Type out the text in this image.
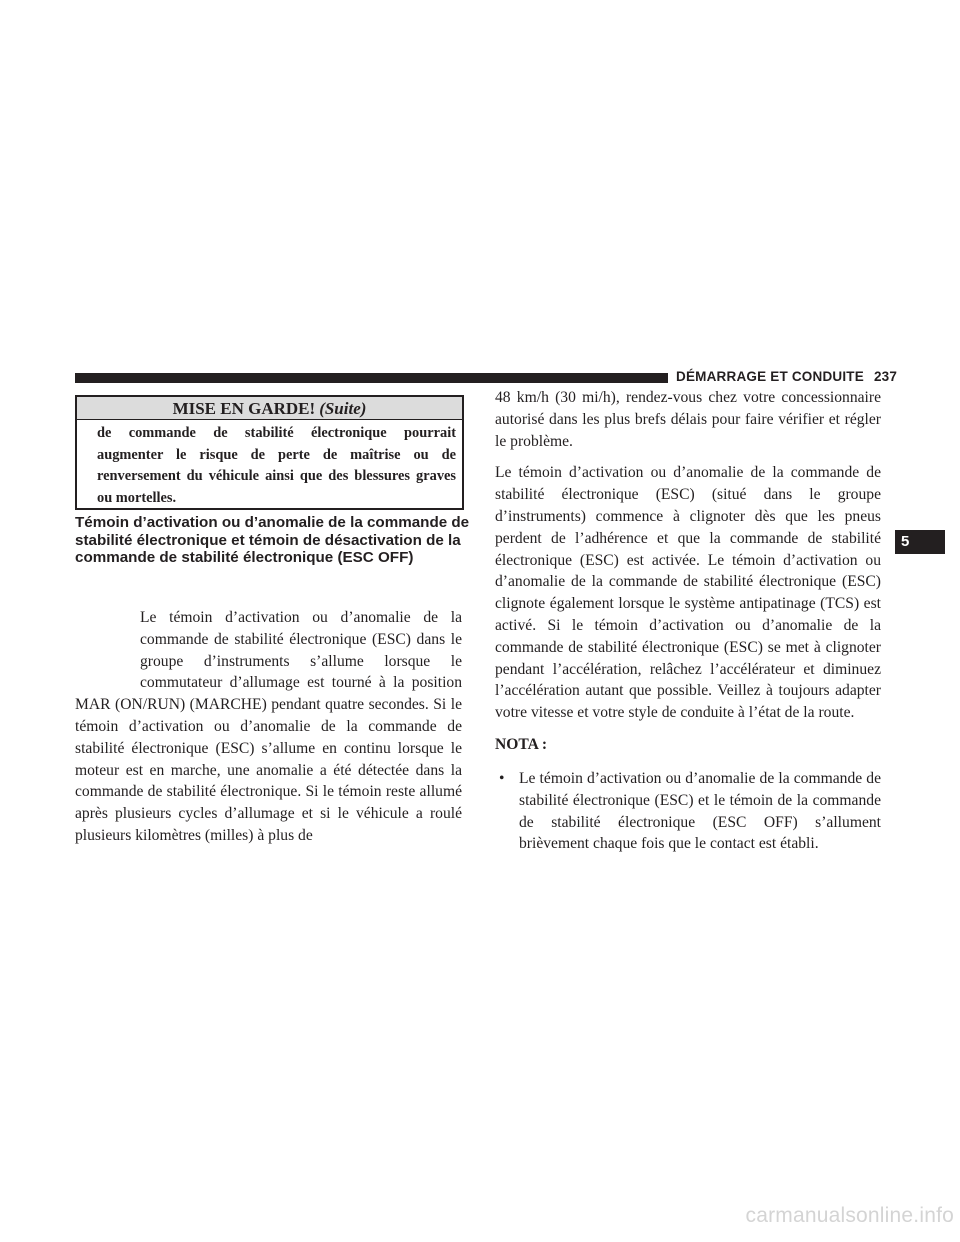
DÉMARRAGE ET CONDUITE 237
MISE EN GARDE! (Suite)
de commande de stabilité électronique pourrait augmenter le risque de perte de maîtrise ou de renversement du véhicule ainsi que des blessures graves ou mortelles.
Témoin d’activation ou d’anomalie de la commande de stabilité électronique et témoin de désactivation de la commande de stabilité électronique (ESC OFF)
Le témoin d’activation ou d’anomalie de la commande de stabilité électronique (ESC) dans le groupe d’instruments s’allume lorsque le commutateur d’allumage est tourné à la position MAR (ON/RUN) (MARCHE) pendant quatre secondes. Si le témoin d’activation ou d’anomalie de la commande de stabilité électronique (ESC) s’allume en continu lorsque le moteur est en marche, une anomalie a été détectée dans la commande de stabilité électronique. Si le témoin reste allumé après plusieurs cycles d’allumage et si le véhicule a roulé plusieurs kilomètres (milles) à plus de

48 km/h (30 mi/h), rendez-vous chez votre concessionnaire autorisé dans les plus brefs délais pour faire vérifier et régler le problème.

Le témoin d’activation ou d’anomalie de la commande de stabilité électronique (ESC) (situé dans le groupe d’instruments) commence à clignoter dès que les pneus perdent de l’adhérence et que la commande de stabilité électronique (ESC) est activée. Le témoin d’activation ou d’anomalie de la commande de stabilité électronique (ESC) clignote également lorsque le système antipatinage (TCS) est activé. Si le témoin d’activation ou d’anomalie de la commande de stabilité électronique (ESC) se met à clignoter pendant l’accélération, relâchez l’accélérateur et diminuez l’accélération autant que possible. Veillez à toujours adapter votre vitesse et votre style de conduite à l’état de la route.

NOTA :
• Le témoin d’activation ou d’anomalie de la commande de stabilité électronique (ESC) et le témoin de la commande de stabilité électronique (ESC OFF) s’allument brièvement chaque fois que le contact est établi.
5
carmanualsonline.info
